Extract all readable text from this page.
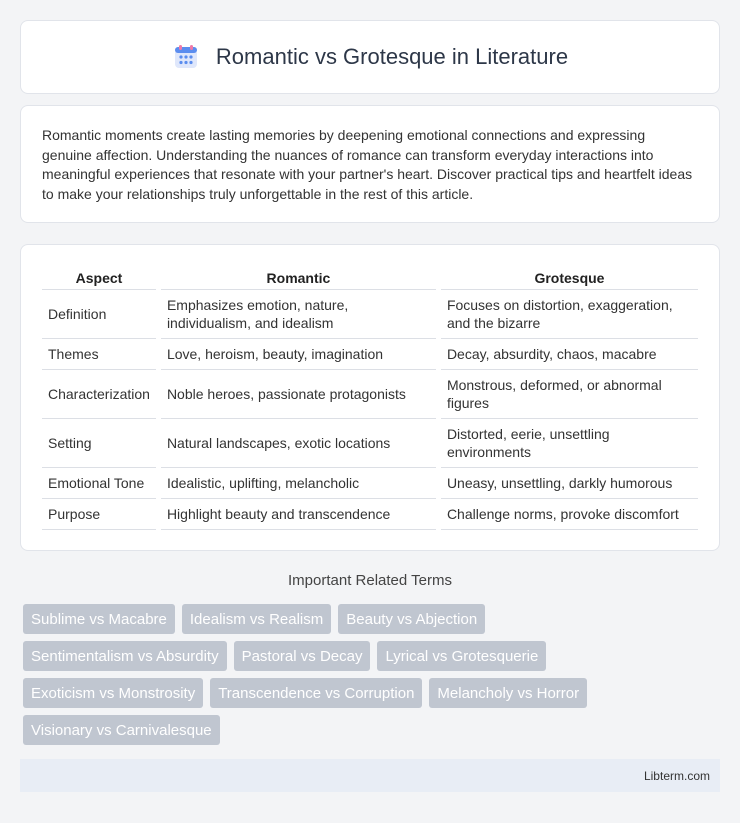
Romantic vs Grotesque in Literature

Romantic moments create lasting memories by deepening emotional connections and expressing genuine affection. Understanding the nuances of romance can transform everyday interactions into meaningful experiences that resonate with your partner's heart. Discover practical tips and heartfelt ideas to make your relationships truly unforgettable in the rest of this article.

Aspect	Romantic	Grotesque
Definition	Emphasizes emotion, nature, individualism, and idealism	Focuses on distortion, exaggeration, and the bizarre
Themes	Love, heroism, beauty, imagination	Decay, absurdity, chaos, macabre
Characterization	Noble heroes, passionate protagonists	Monstrous, deformed, or abnormal figures
Setting	Natural landscapes, exotic locations	Distorted, eerie, unsettling environments
Emotional Tone	Idealistic, uplifting, melancholic	Uneasy, unsettling, darkly humorous
Purpose	Highlight beauty and transcendence	Challenge norms, provoke discomfort
Important Related Terms
Sublime vs Macabre	Idealism vs Realism	Beauty vs Abjection
Sentimentalism vs Absurdity	Pastoral vs Decay	Lyrical vs Grotesquerie
Exoticism vs Monstrosity	Transcendence vs Corruption	Melancholy vs Horror
Visionary vs Carnivalesque
Libterm.com
